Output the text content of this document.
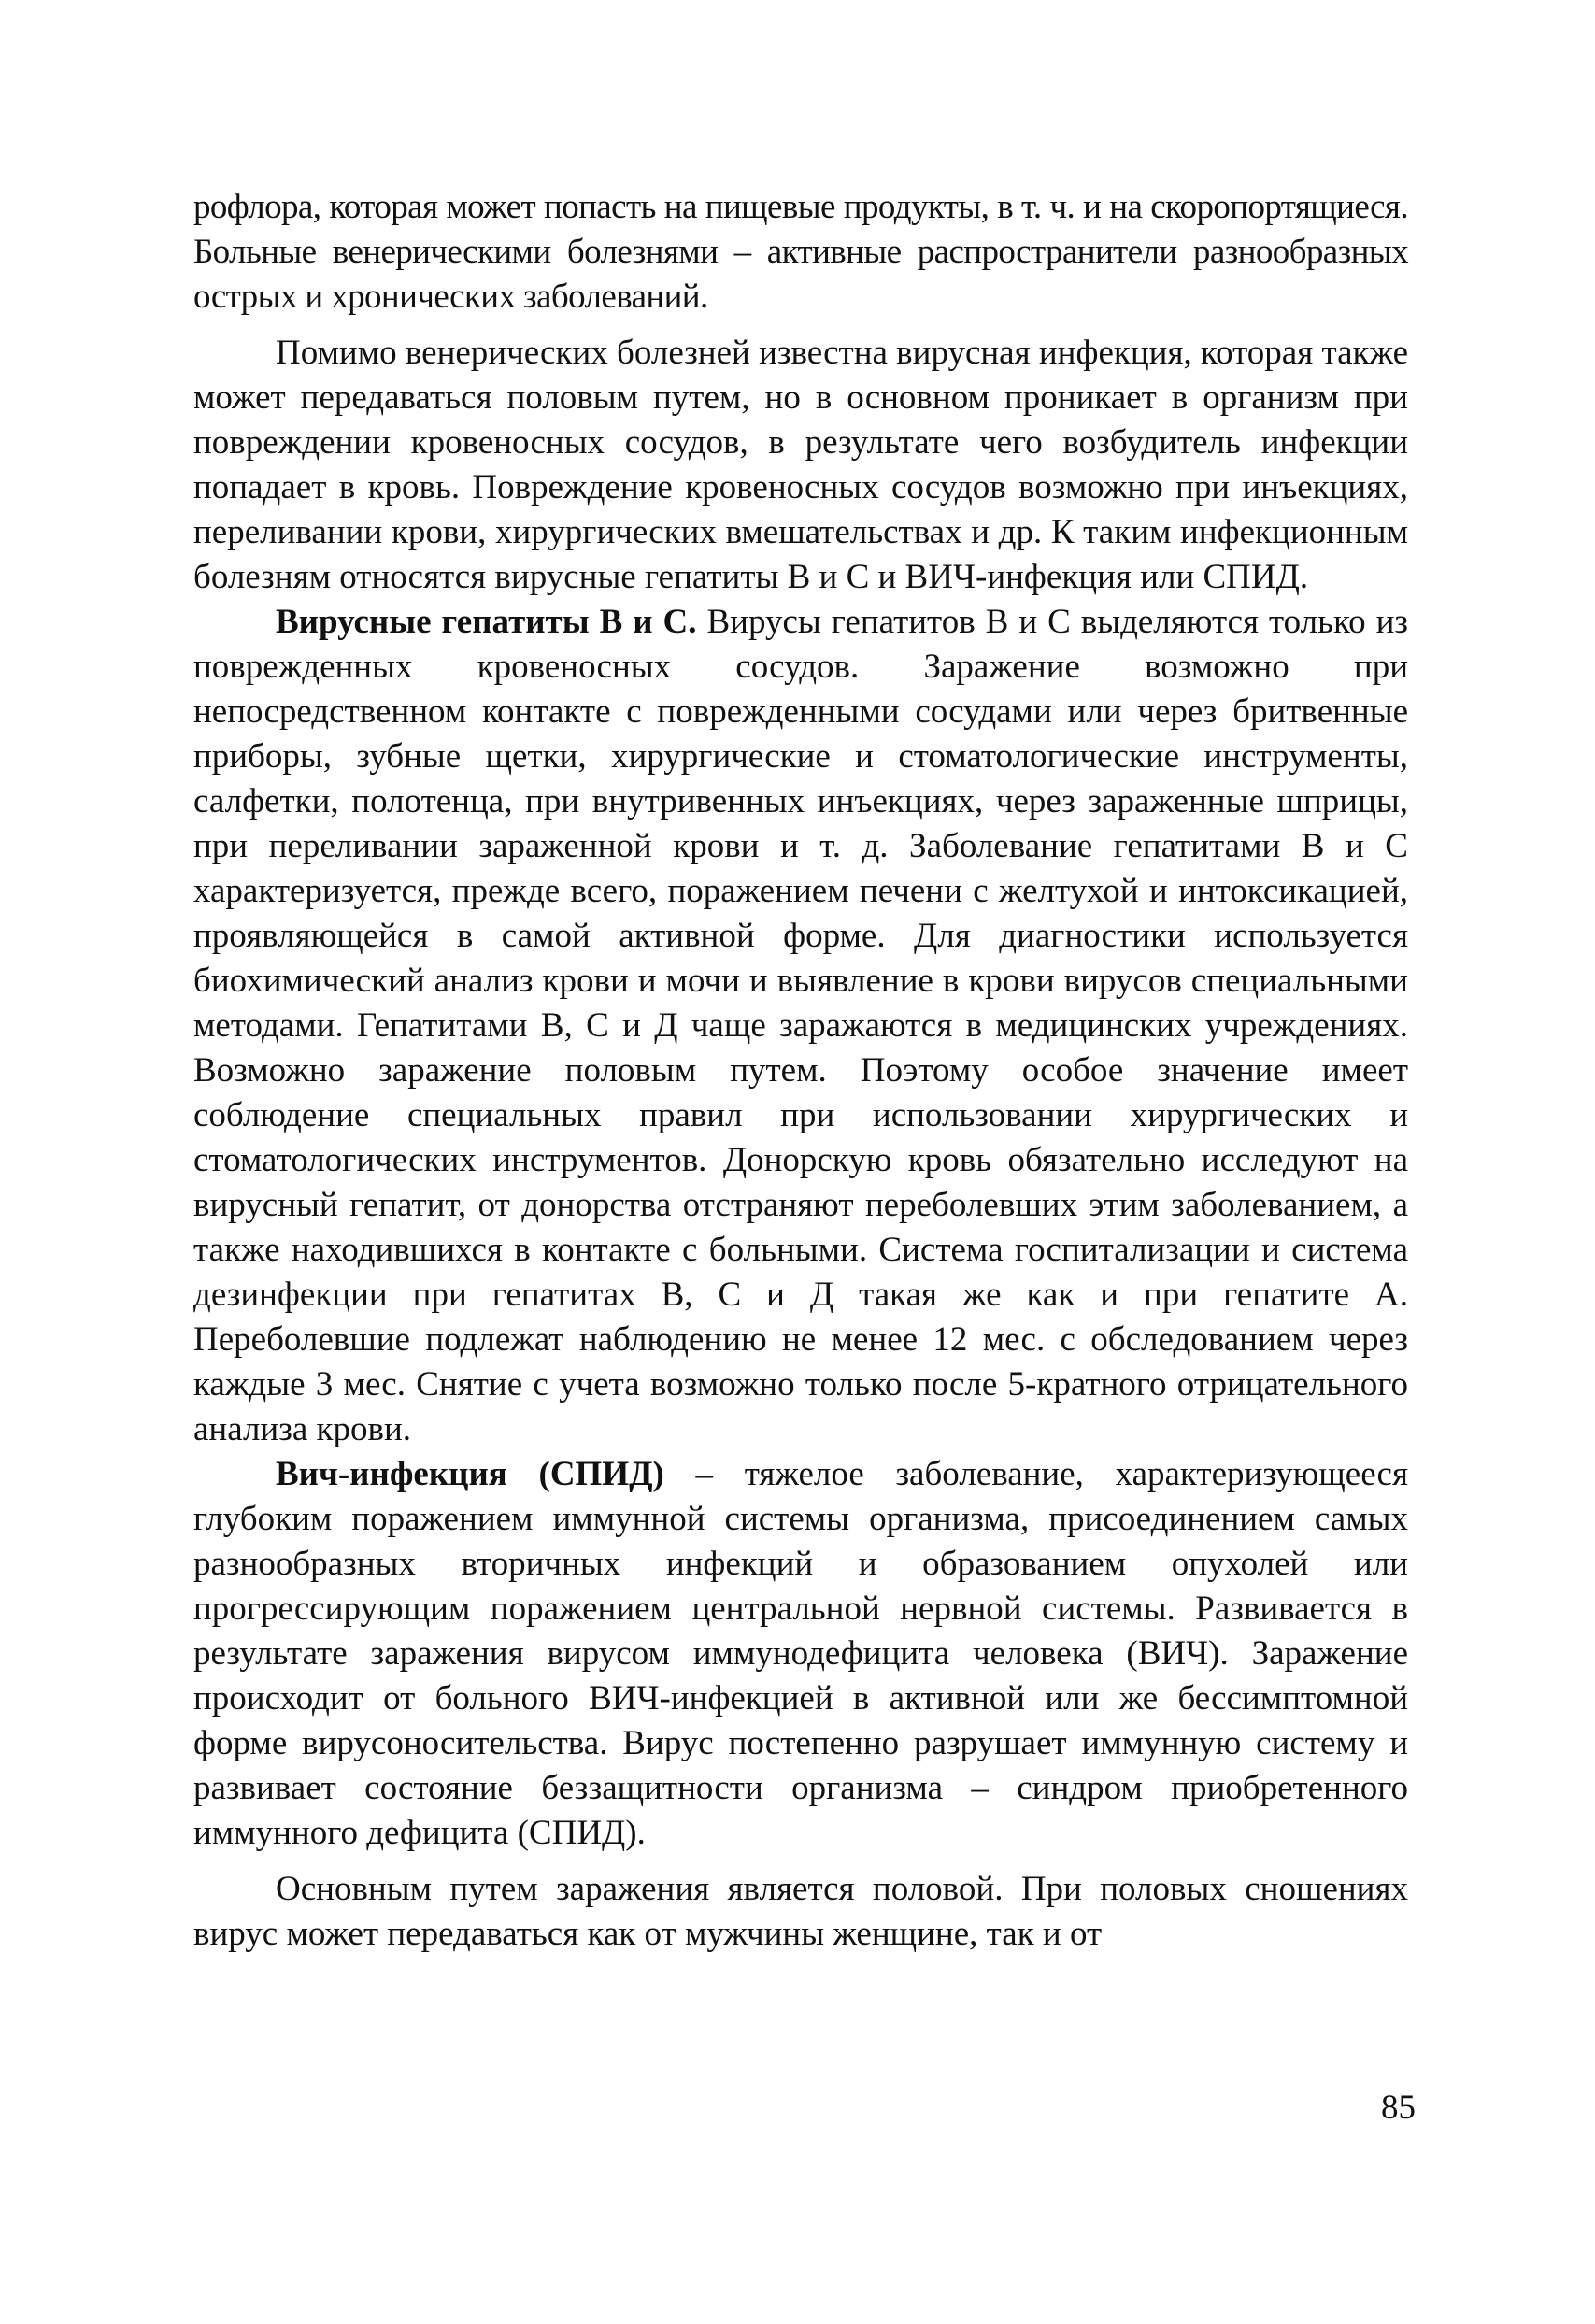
рофлора, которая может попасть на пищевые продукты, в т. ч. и на скоропортящиеся. Больные венерическими болезнями – активные распространители разнообразных острых и хронических заболеваний.

Помимо венерических болезней известна вирусная инфекция, которая также может передаваться половым путем, но в основном проникает в организм при повреждении кровеносных сосудов, в результате чего возбудитель инфекции попадает в кровь. Повреждение кровеносных сосудов возможно при инъекциях, переливании крови, хирургических вмешательствах и др. К таким инфекционным болезням относятся вирусные гепатиты В и С и ВИЧ-инфекция или СПИД.

Вирусные гепатиты В и С. Вирусы гепатитов В и С выделяются только из поврежденных кровеносных сосудов. Заражение возможно при непосредственном контакте с поврежденными сосудами или через бритвенные приборы, зубные щетки, хирургические и стоматологические инструменты, салфетки, полотенца, при внутривенных инъекциях, через зараженные шприцы, при переливании зараженной крови и т. д. Заболевание гепатитами В и С характеризуется, прежде всего, поражением печени с желтухой и интоксикацией, проявляющейся в самой активной форме. Для диагностики используется биохимический анализ крови и мочи и выявление в крови вирусов специальными методами. Гепатитами В, С и Д чаще заражаются в медицинских учреждениях. Возможно заражение половым путем. Поэтому особое значение имеет соблюдение специальных правил при использовании хирургических и стоматологических инструментов. Донорскую кровь обязательно исследуют на вирусный гепатит, от донорства отстраняют переболевших этим заболеванием, а также находившихся в контакте с больными. Система госпитализации и система дезинфекции при гепатитах В, С и Д такая же как и при гепатите А. Переболевшие подлежат наблюдению не менее 12 мес. с обследованием через каждые 3 мес. Снятие с учета возможно только после 5-кратного отрицательного анализа крови.

Вич-инфекция (СПИД) – тяжелое заболевание, характеризующееся глубоким поражением иммунной системы организма, присоединением самых разнообразных вторичных инфекций и образованием опухолей или прогрессирующим поражением центральной нервной системы. Развивается в результате заражения вирусом иммунодефицита человека (ВИЧ). Заражение происходит от больного ВИЧ-инфекцией в активной или же бессимптомной форме вирусоносительства. Вирус постепенно разрушает иммунную систему и развивает состояние беззащитности организма – синдром приобретенного иммунного дефицита (СПИД).

Основным путем заражения является половой. При половых сношениях вирус может передаваться как от мужчины женщине, так и от

85
